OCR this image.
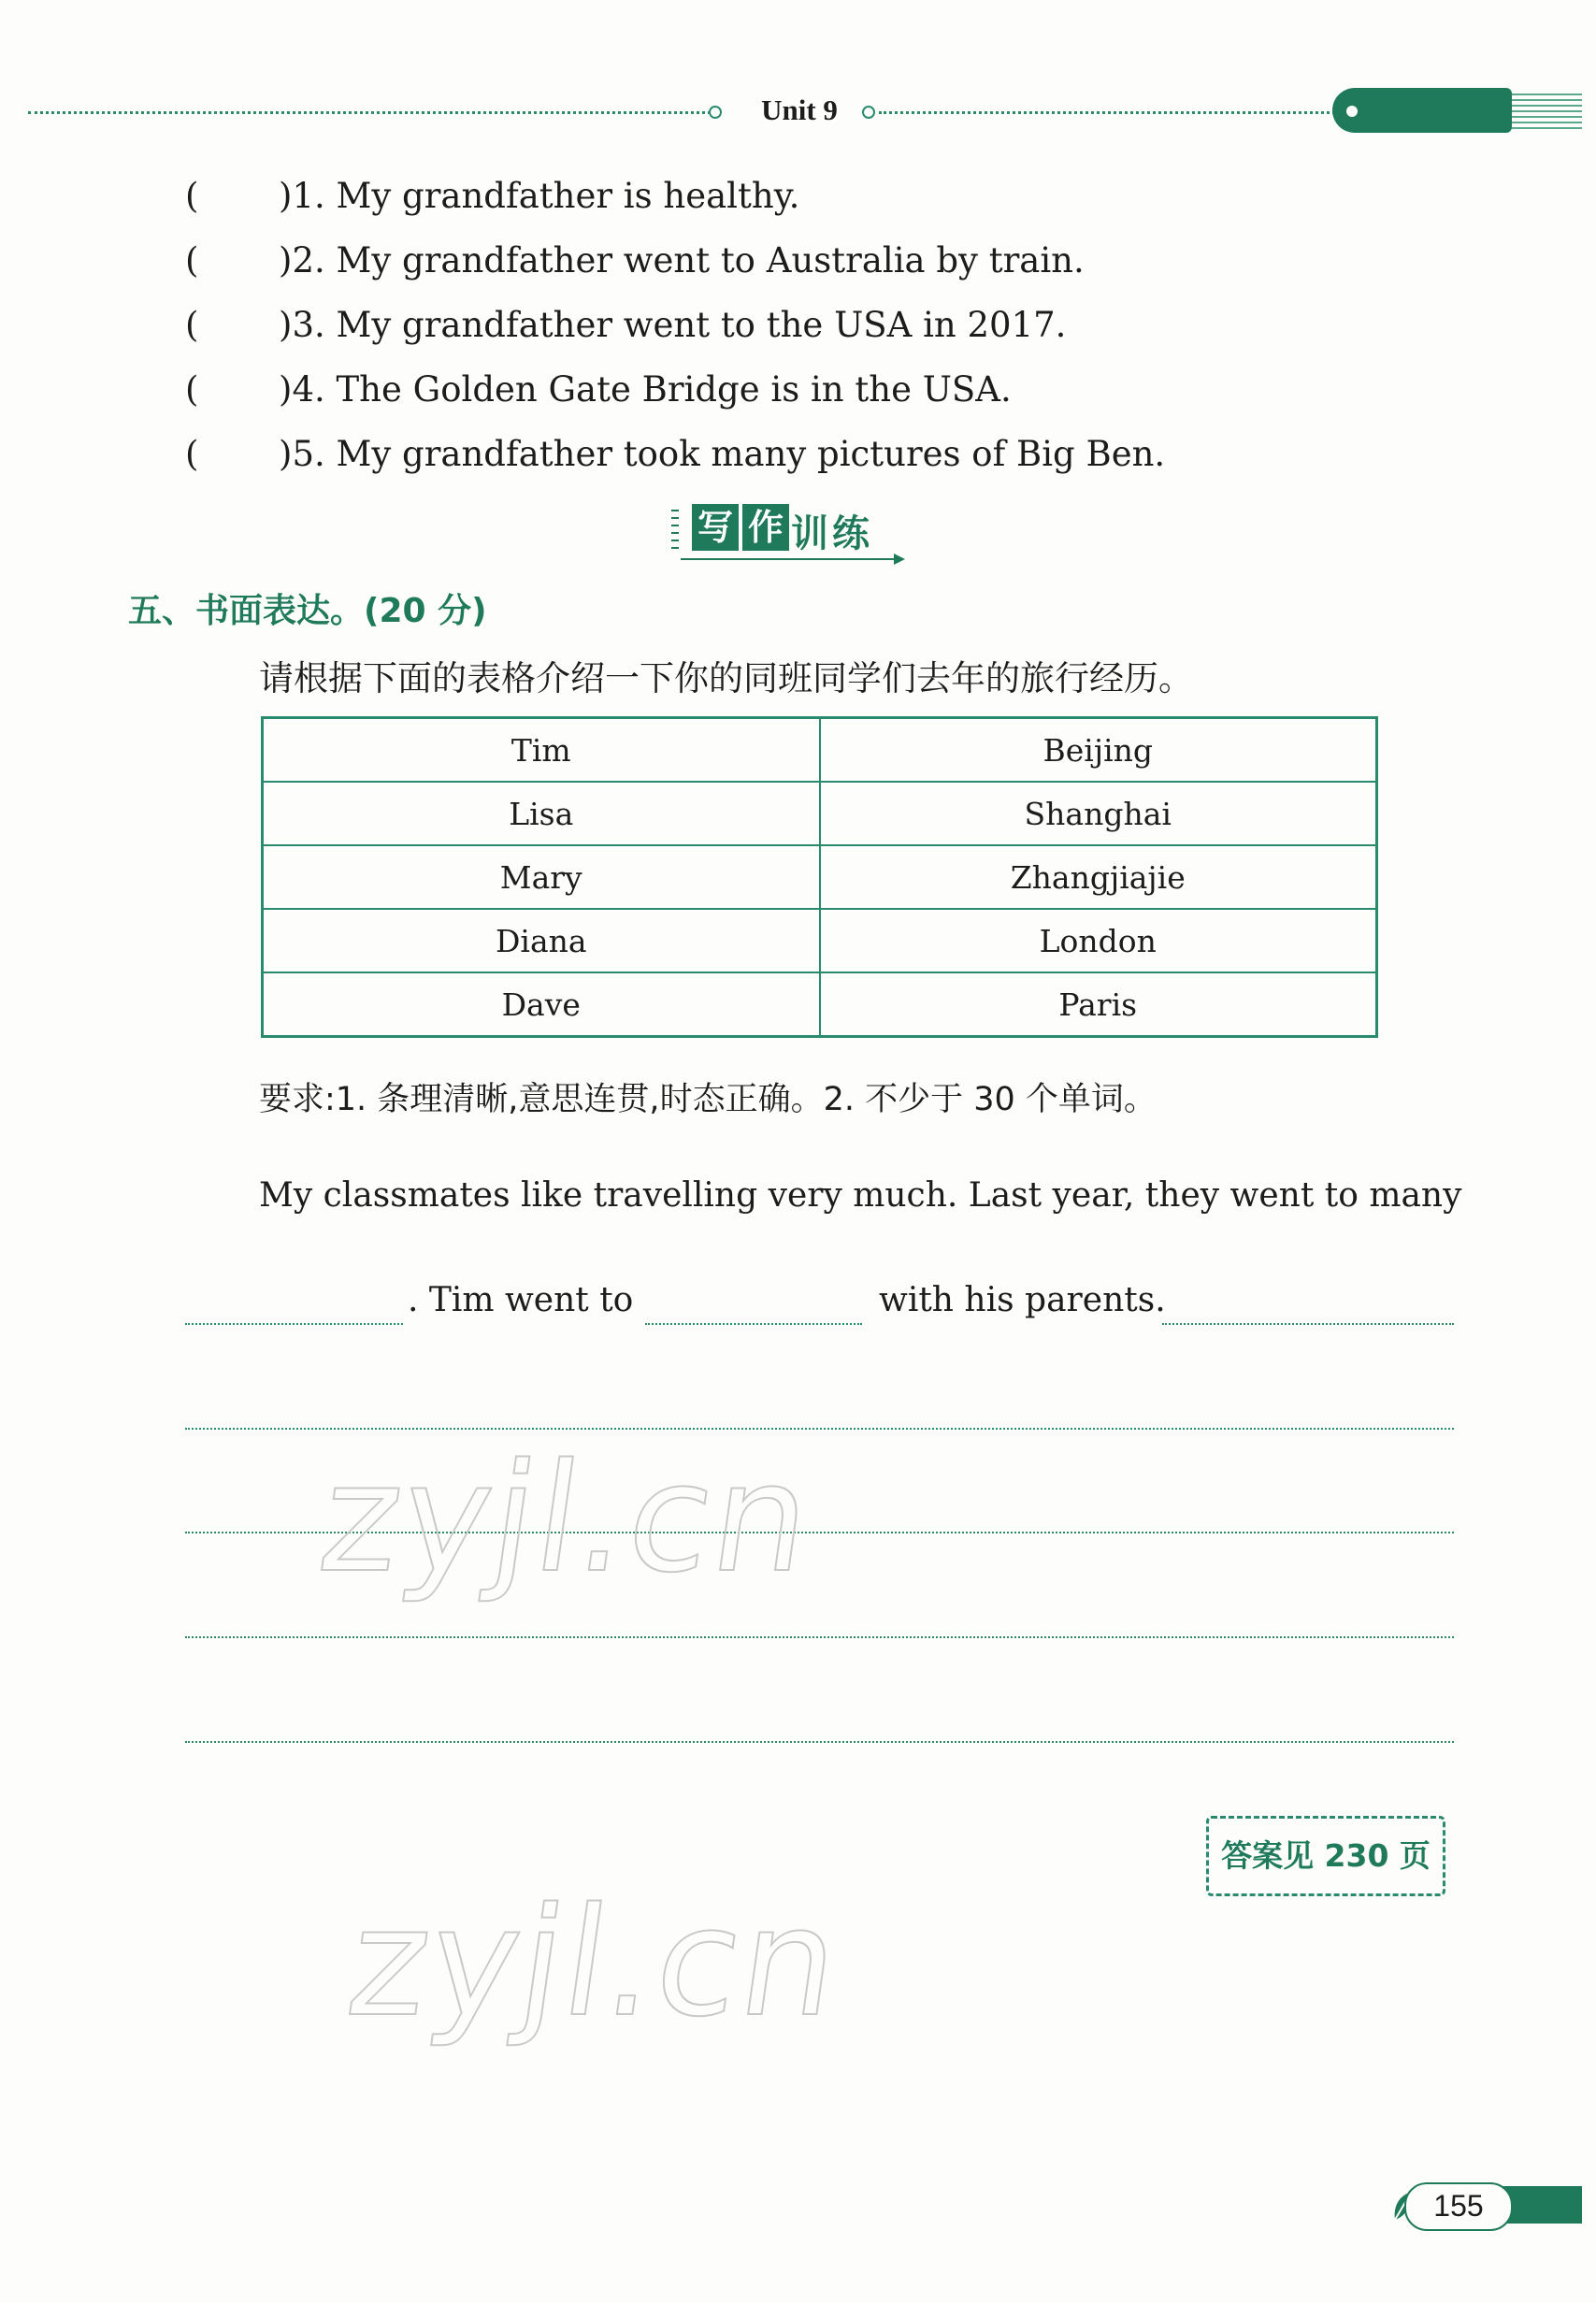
Unit 9
( )1. My grandfather is healthy.
( )2. My grandfather went to Australia by train.
( )3. My grandfather went to the USA in 2017.
( )4. The Golden Gate Bridge is in the USA.
( )5. My grandfather took many pictures of Big Ben.
写 作 训练
五、书面表达。(20 分)
请根据下面的表格介绍一下你的同班同学们去年的旅行经历。
Tim	Beijing
Lisa	Shanghai
Mary	Zhangjiajie
Diana	London
Dave	Paris
要求:1. 条理清晰,意思连贯,时态正确。2. 不少于 30 个单词。
My classmates like travelling very much. Last year, they went to many
. Tim went to	with his parents.
zyjl.cn
zyjl.cn
答案见 230 页
155
